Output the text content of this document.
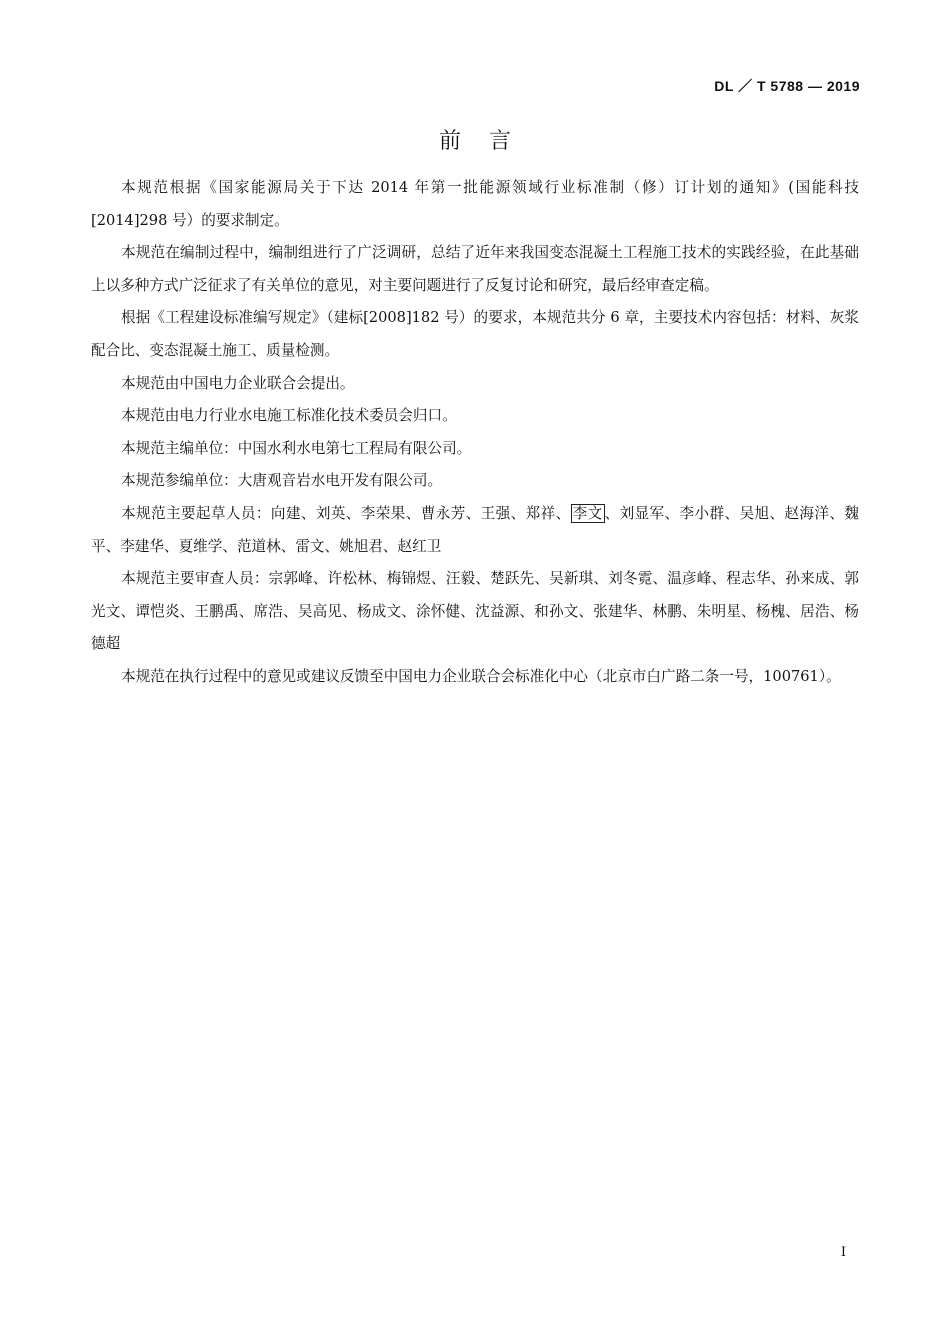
DL ／ T 5788 — 2019
前言

本规范根据《国家能源局关于下达 2014 年第一批能源领域行业标准制（修）订计划的通知》(国能科技[2014]298 号）的要求制定。

本规范在编制过程中，编制组进行了广泛调研，总结了近年来我国变态混凝土工程施工技术的实践经验，在此基础上以多种方式广泛征求了有关单位的意见，对主要问题进行了反复讨论和研究，最后经审查定稿。

根据《工程建设标准编写规定》（建标[2008]182 号）的要求，本规范共分 6 章，主要技术内容包括：材料、灰浆配合比、变态混凝土施工、质量检测。

本规范由中国电力企业联合会提出。

本规范由电力行业水电施工标准化技术委员会归口。

本规范主编单位：中国水利水电第七工程局有限公司。

本规范参编单位：大唐观音岩水电开发有限公司。

本规范主要起草人员：向建、刘英、李荣果、曹永芳、王强、郑祥、 李文 、刘显军、李小群、吴旭、赵海洋、魏平、李建华、夏维学、范道林、雷文、姚旭君、赵红卫

本规范主要审查人员：宗郭峰、许松林、梅锦煜、汪毅、楚跃先、吴新琪、刘冬霓、温彦峰、程志华、孙来成、郭光文、谭恺炎、王鹏禹、席浩、吴高见、杨成文、涂怀健、沈益源、和孙文、张建华、林鹏、朱明星、杨槐、居浩、杨德超

本规范在执行过程中的意见或建议反馈至中国电力企业联合会标准化中心（北京市白广路二条一号，100761）。

I
